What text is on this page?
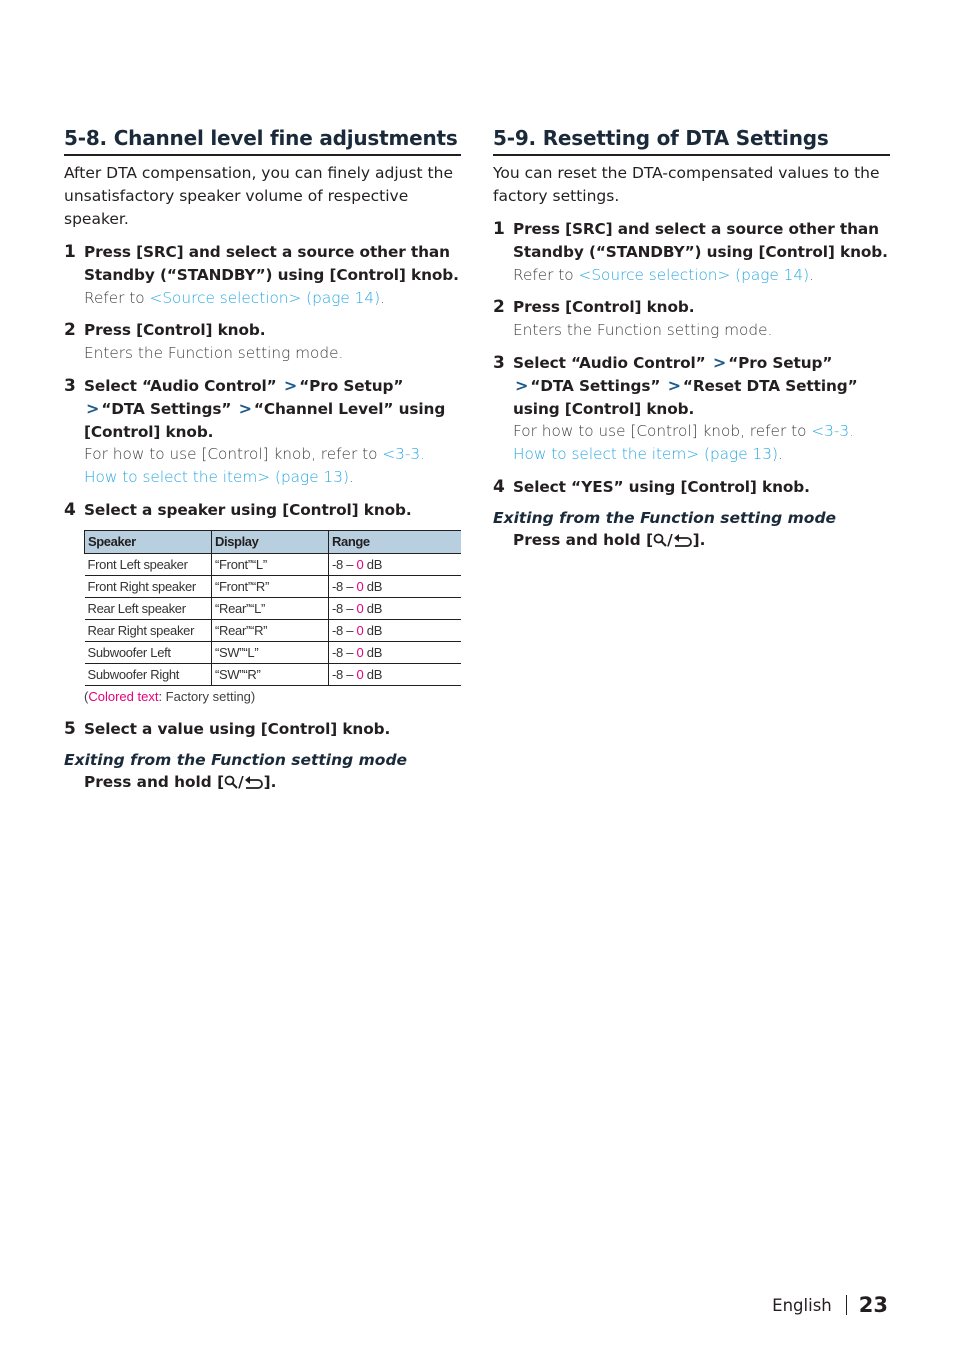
5-8. Channel level fine adjustments

After DTA compensation, you can finely adjust the unsatisfactory speaker volume of respective speaker.

1 Press [SRC] and select a source other than Standby (“STANDBY”) using [Control] knob.
Refer to <Source selection> (page 14).
2 Press [Control] knob.
Enters the Function setting mode.
3 Select “Audio Control” > “Pro Setup” > “DTA Settings” > “Channel Level” using [Control] knob.
For how to use [Control] knob, refer to <3-3. How to select the item> (page 13).
4 Select a speaker using [Control] knob.
Speaker	Display	Range
Front Left speaker	“Front”“L”	-8 – 0 dB
Front Right speaker	“Front”“R”	-8 – 0 dB
Rear Left speaker	“Rear”“L”	-8 – 0 dB
Rear Right speaker	“Rear”“R”	-8 – 0 dB
Subwoofer Left	“SW”“L”	-8 – 0 dB
Subwoofer Right	“SW”“R”	-8 – 0 dB
(Colored text: Factory setting)
5 Select a value using [Control] knob.
Exiting from the Function setting mode
Press and hold [ / ].
5-9. Resetting of DTA Settings

You can reset the DTA-compensated values to the factory settings.

1 Press [SRC] and select a source other than Standby (“STANDBY”) using [Control] knob.
Refer to <Source selection> (page 14).
2 Press [Control] knob.
Enters the Function setting mode.
3 Select “Audio Control” > “Pro Setup” > “DTA Settings” > “Reset DTA Setting” using [Control] knob.
For how to use [Control] knob, refer to <3-3. How to select the item> (page 13).
4 Select “YES” using [Control] knob.
Exiting from the Function setting mode
Press and hold [ / ].
English 23
